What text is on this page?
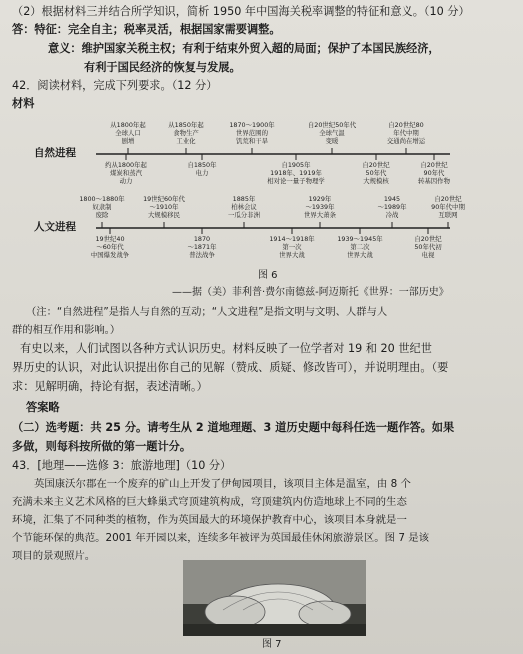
（2）根据材料三并结合所学知识，简析 1950 年中国海关税率调整的特征和意义。（10 分）
答：特征：完全自主；税率灵活，根据国家需要调整。
意义：维护国家关税主权；有利于结束外贸入超的局面；保护了本国民族经济，
有利于国民经济的恢复与发展。
42．阅读材料，完成下列要求。（12 分）
材料
自然进程
人文进程
从1800年起
全球人口
剧增
从1850年起
食物生产
工业化
1870～1900年
世界范围的
饥荒和干旱
自20世纪50年代
全球气温
变暖
自20世纪80
年代中期
交通尚在增运
约从1800年起
煤炭和蒸汽
动力
自1850年
电力
自1905年
1918年、1919年
相对论一量子物理学
自20世纪
50年代
大规模核
自20世纪
90年代
转基因作物
1800～1880年
奴隶制
废除
19世纪60年代
～1910年
大规模移民
1885年
柏林会议
一瓜分非洲
1929年
～1939年
世界大萧条
1945
～1989年
冷战
自20世纪
90年代中期
互联网
19世纪40
～60年代
中国爆发战争
1870
～1871年
普法战争
1914～1918年
第一次
世界大战
1939～1945年
第二次
世界大战
自20世纪
50年代初
电视
图 6
——据（美）菲利普·费尔南德兹-阿迈斯托《世界：一部历史》
（注：“自然进程”是指人与自然的互动；“人文进程”是指文明与文明、人群与人
群的相互作用和影响。）
有史以来，人们试图以各种方式认识历史。材料反映了一位学者对 19 和 20 世纪世
界历史的认识，对此认识提出你自己的见解（赞成、质疑、修改皆可），并说明理由。（要
求：见解明确，持论有据，表述清晰。）
答案略
（二）选考题：共 25 分。请考生从 2 道地理题、3 道历史题中每科任选一题作答。如果
多做，则每科按所做的第一题计分。
43．[地理——选修 3：旅游地理]（10 分）
英国康沃尔郡在一个废弃的矿山上开发了伊甸园项目，该项目主体是温室，由 8 个
充满未来主义艺术风格的巨大蜂巢式穹顶建筑构成，穹顶建筑内仿造地球上不同的生态
环境，汇集了不同种类的植物，作为英国最大的环境保护教育中心，该项目本身就是一
个节能环保的典范。2001 年开园以来，连续多年被评为英国最佳休闲旅游景区。图 7 是该
项目的景观照片。
图 7
